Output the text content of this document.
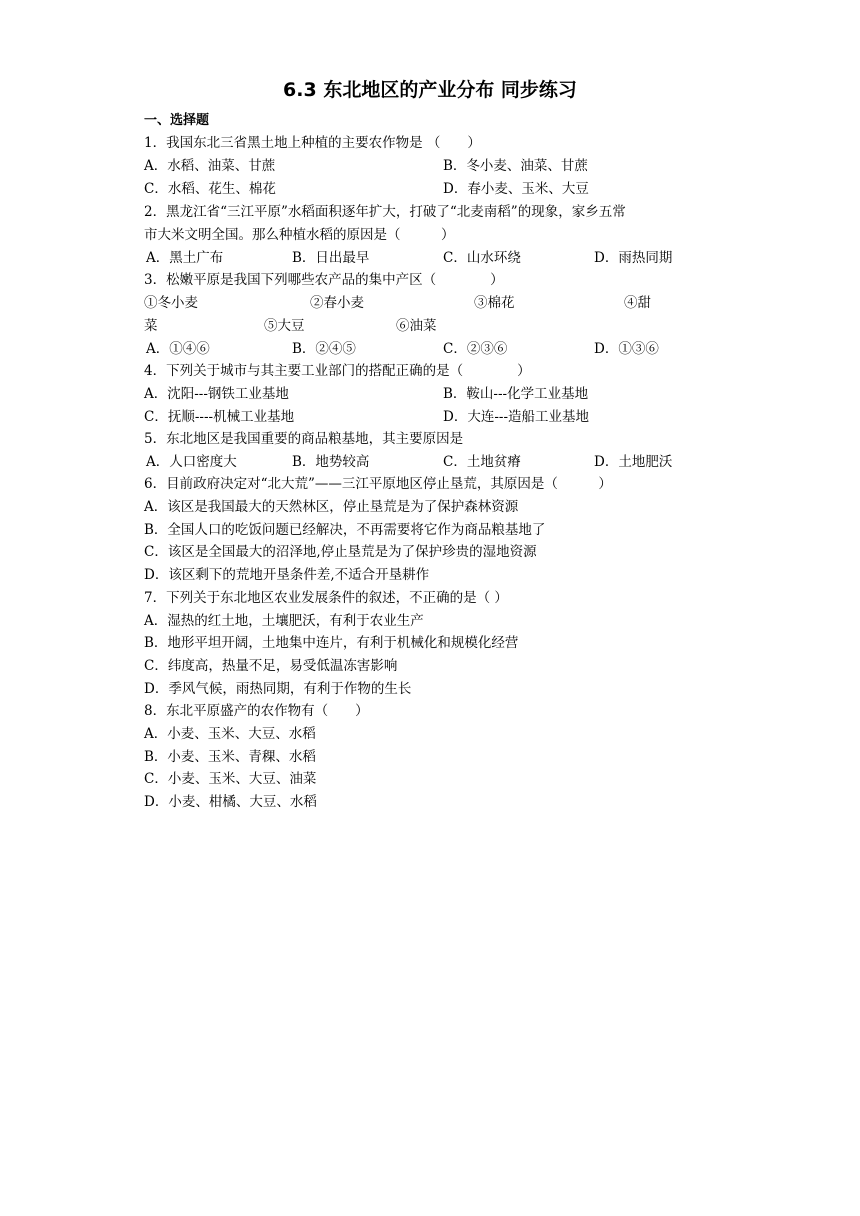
6.3 东北地区的产业分布 同步练习
一、选择题
1．我国东北三省黑土地上种植的主要农作物是 （　　）
A．水稻、油菜、甘蔗	B．冬小麦、油菜、甘蔗
C．水稻、花生、棉花	D．春小麦、玉米、大豆
2．黑龙江省“三江平原”水稻面积逐年扩大，打破了“北麦南稻”的现象，家乡五常
市大米文明全国。那么种植水稻的原因是（　　　）
A．黑土广布	B．日出最早	C．山水环绕	D．雨热同期
3．松嫩平原是我国下列哪些农产品的集中产区（　　　　）
①冬小麦	②春小麦	③棉花	④甜
菜	⑤大豆	⑥油菜
A．①④⑥	B．②④⑤	C．②③⑥	D．①③⑥
4．下列关于城市与其主要工业部门的搭配正确的是（　　　　）
A．沈阳---钢铁工业基地	B．鞍山---化学工业基地
C．抚顺----机械工业基地	D．大连---造船工业基地
5．东北地区是我国重要的商品粮基地，其主要原因是
A．人口密度大	B．地势较高	C．土地贫瘠	D．土地肥沃
6．目前政府决定对“北大荒”——三江平原地区停止垦荒，其原因是（　　　）
A．该区是我国最大的天然林区，停止垦荒是为了保护森林资源
B．全国人口的吃饭问题已经解决，不再需要将它作为商品粮基地了
C．该区是全国最大的沼泽地,停止垦荒是为了保护珍贵的湿地资源
D．该区剩下的荒地开垦条件差,不适合开垦耕作
7．下列关于东北地区农业发展条件的叙述，不正确的是（ ）
A．湿热的红土地，土壤肥沃，有利于农业生产
B．地形平坦开阔，土地集中连片，有利于机械化和规模化经营
C．纬度高，热量不足，易受低温冻害影响
D．季风气候，雨热同期，有利于作物的生长
8．东北平原盛产的农作物有（　　）
A．小麦、玉米、大豆、水稻
B．小麦、玉米、青稞、水稻
C．小麦、玉米、大豆、油菜
D．小麦、柑橘、大豆、水稻
